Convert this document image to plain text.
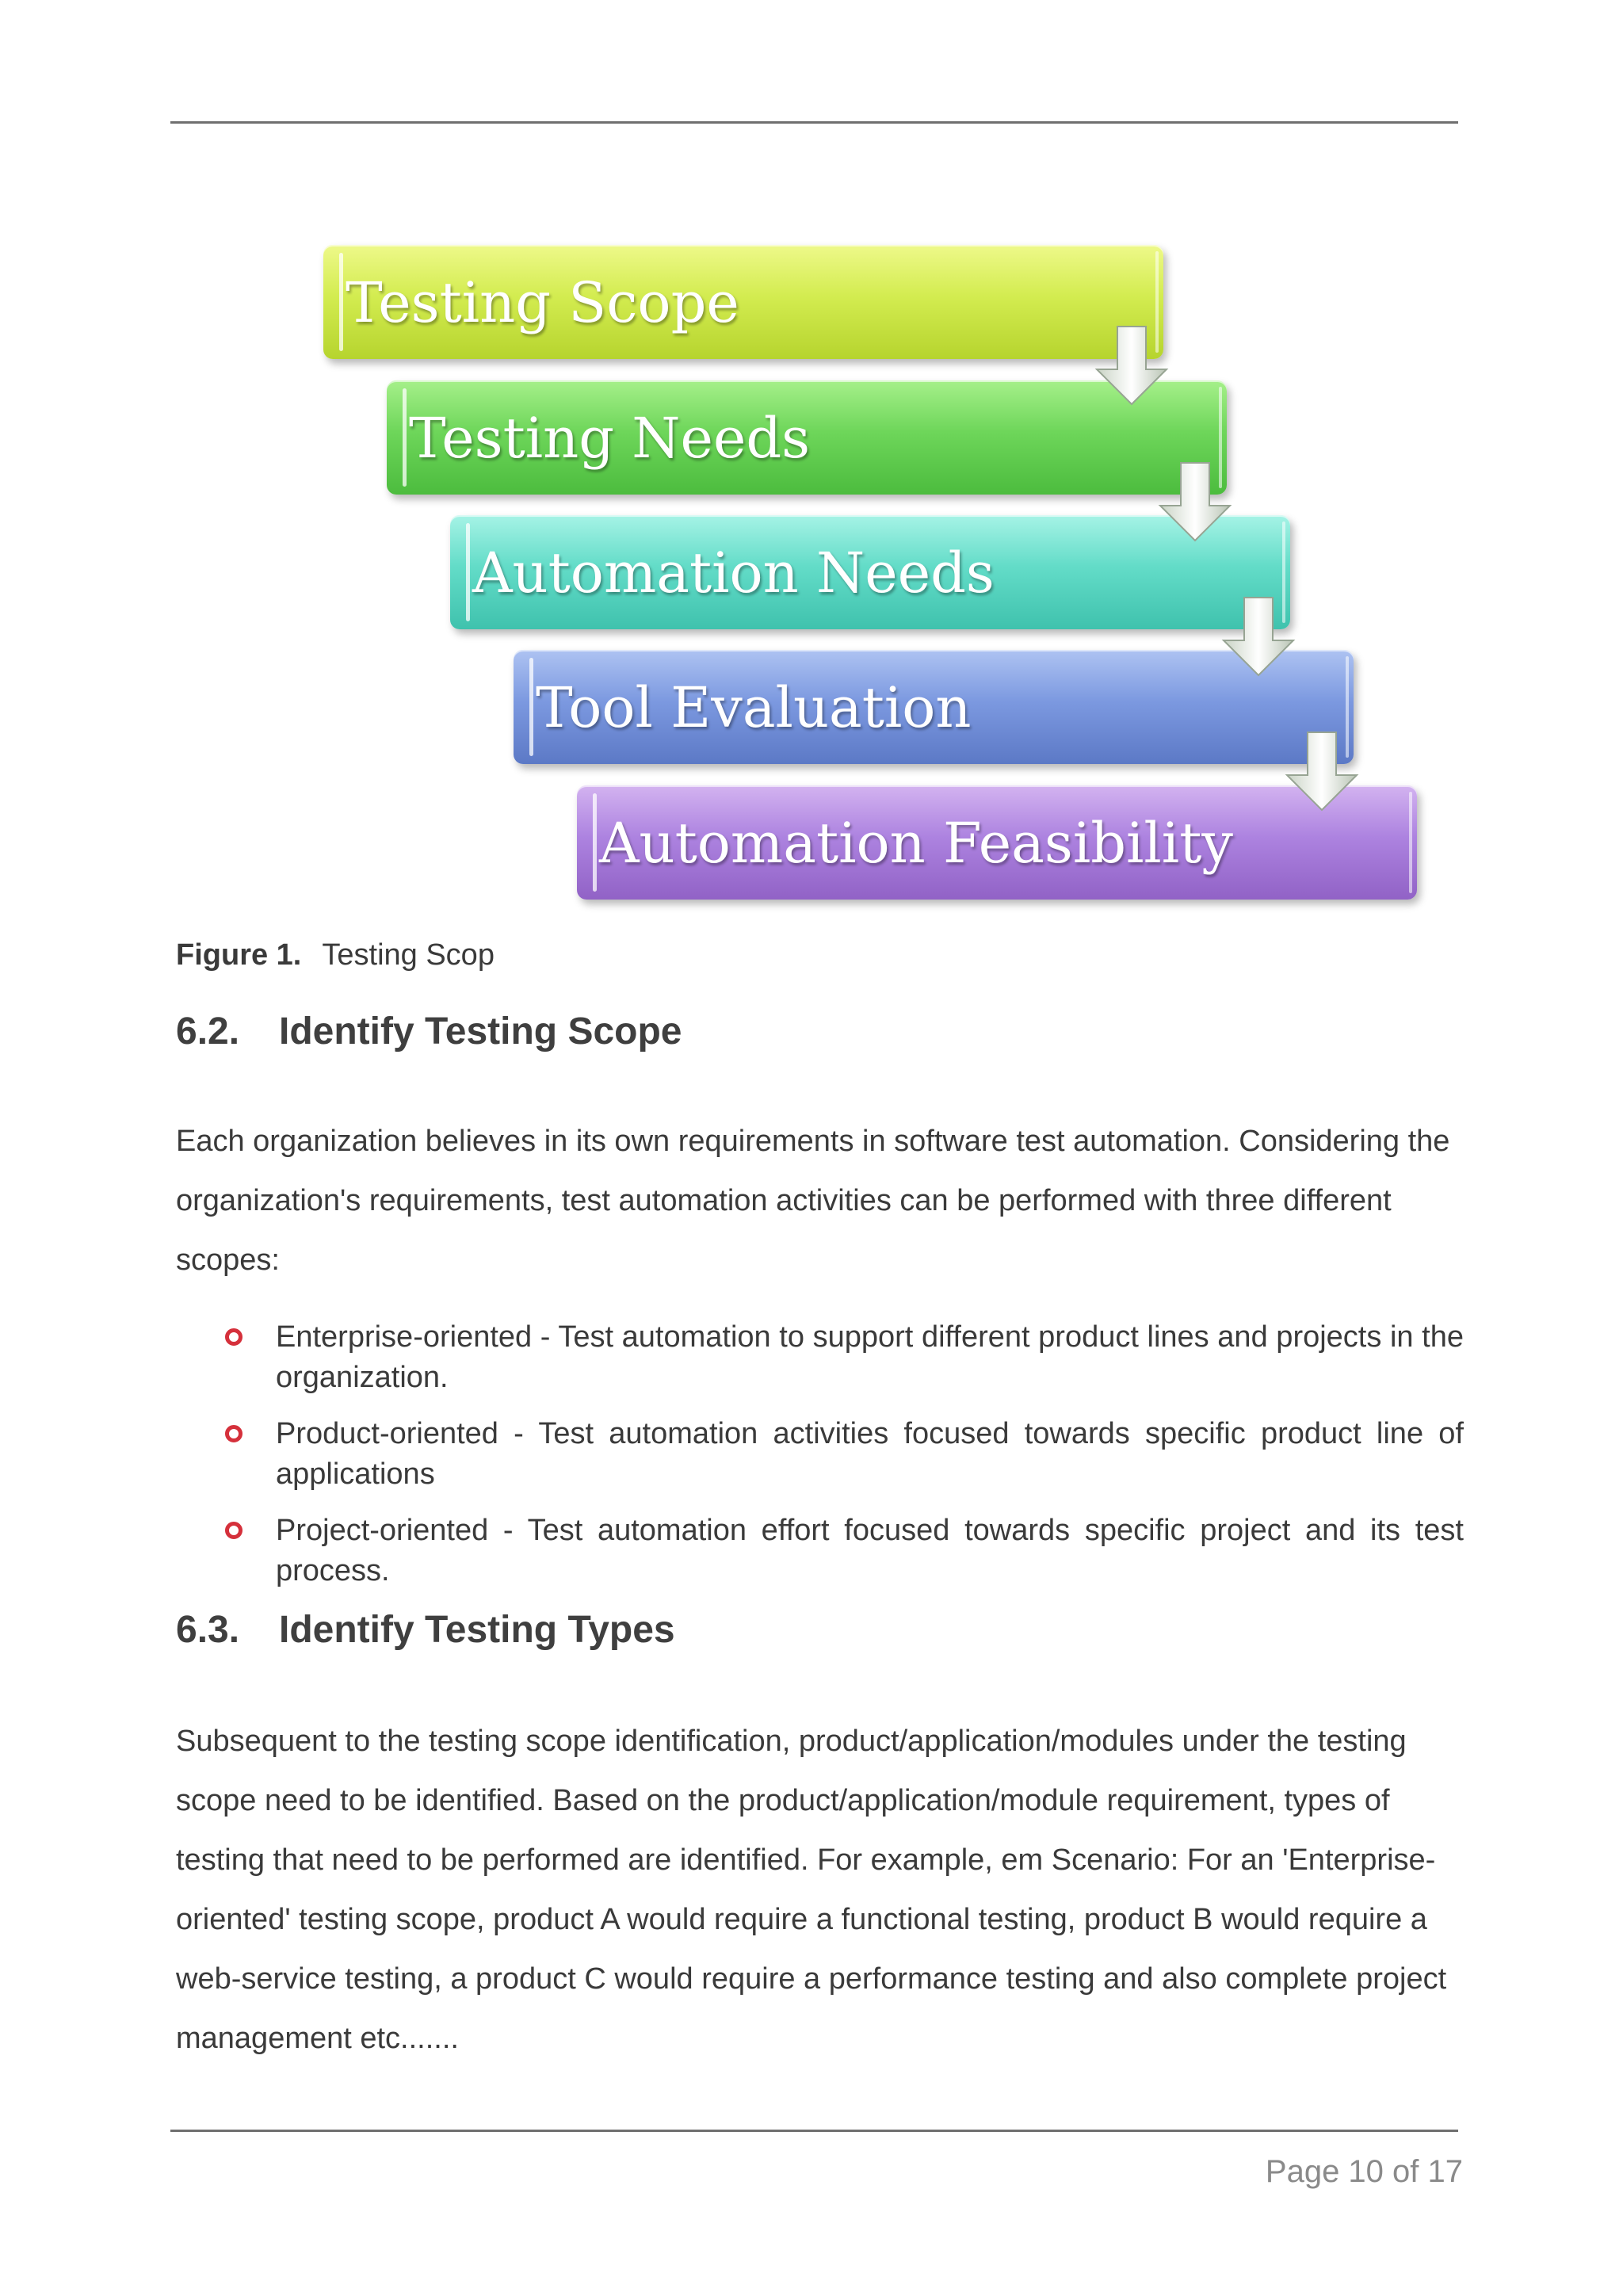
Testing Scope
Testing Needs
Automation Needs
Tool Evaluation
Automation Feasibility
Figure 1. Testing Scop
6.2. Identify Testing Scope

Each organization believes in its own requirements in software test automation. Considering the organization's requirements, test automation activities can be performed with three different scopes:

Enterprise-oriented - Test automation to support different product lines and projects in the organization.
Product-oriented - Test automation activities focused towards specific product line of applications
Project-oriented - Test automation effort focused towards specific project and its test process.
6.3. Identify Testing Types

Subsequent to the testing scope identification, product/application/modules under the testing scope need to be identified. Based on the product/application/module requirement, types of testing that need to be performed are identified. For example, em Scenario: For an 'Enterprise-oriented' testing scope, product A would require a functional testing, product B would require a web-service testing, a product C would require a performance testing and also complete project management etc.......

Page 10 of 17
